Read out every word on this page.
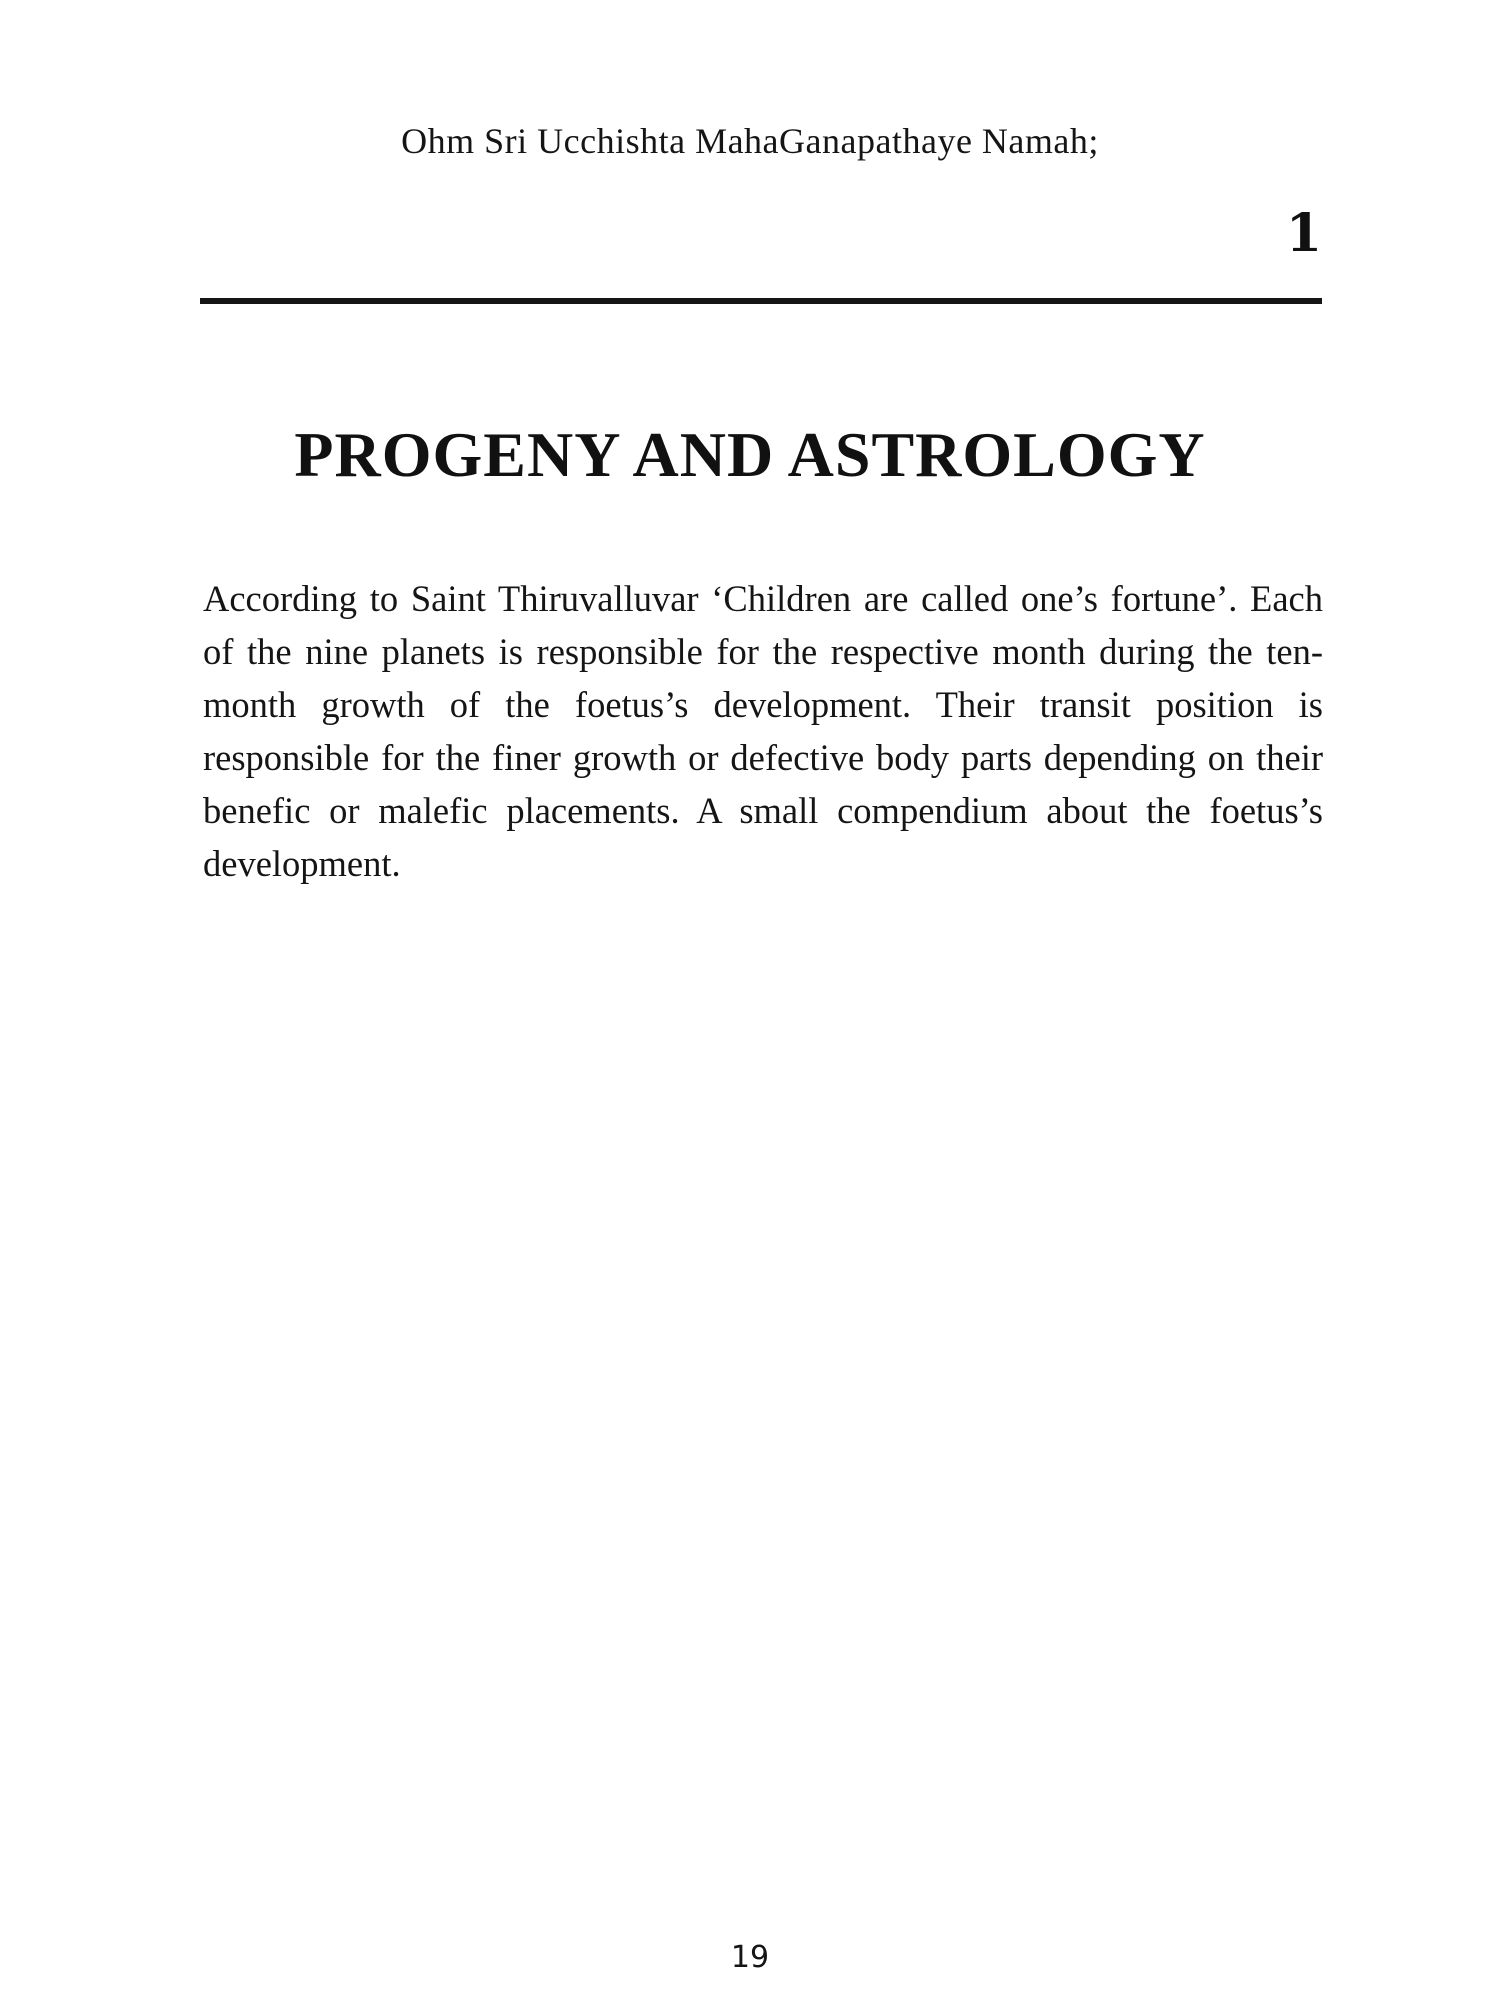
Ohm Sri Ucchishta MahaGanapathaye Namah;
1
PROGENY AND ASTROLOGY

According to Saint Thiruvalluvar ‘Children are called one’s fortune’. Each of the nine planets is responsible for the respective month during the ten-month growth of the foetus’s development. Their transit position is responsible for the finer growth or defective body parts depending on their benefic or malefic placements. A small compendium about the foetus’s development.

19
